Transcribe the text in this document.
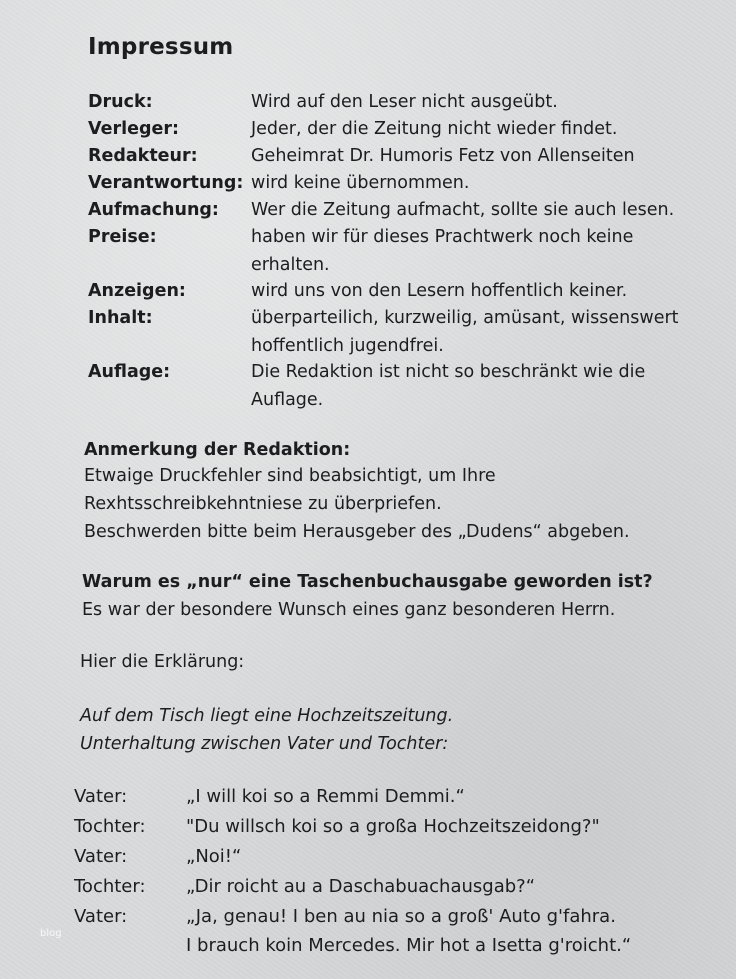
Impressum
Druck:	Wird auf den Leser nicht ausgeübt.
Verleger:	Jeder, der die Zeitung nicht wieder findet.
Redakteur:	Geheimrat Dr. Humoris Fetz von Allenseiten
Verantwortung: wird keine übernommen.
Aufmachung: Wer die Zeitung aufmacht, sollte sie auch lesen.
Preise:	haben wir für dieses Prachtwerk noch keine
erhalten.
Anzeigen:	wird uns von den Lesern hoffentlich keiner.
Inhalt:	überparteilich, kurzweilig, amüsant, wissenswert
hoffentlich jugendfrei.
Auflage:	Die Redaktion ist nicht so beschränkt wie die
Auflage.
Anmerkung der Redaktion:
Etwaige Druckfehler sind beabsichtigt, um Ihre
Rexhtsschreibkehntniese zu überpriefen.
Beschwerden bitte beim Herausgeber des „Dudens“ abgeben.
Warum es „nur“ eine Taschenbuchausgabe geworden ist?
Es war der besondere Wunsch eines ganz besonderen Herrn.
Hier die Erklärung:
Auf dem Tisch liegt eine Hochzeitszeitung.
Unterhaltung zwischen Vater und Tochter:
Vater:	„I will koi so a Remmi Demmi.“
Tochter: "Du willsch koi so a großa Hochzeitszeidong?"
Vater:	„Noi!“
Tochter: „Dir roicht au a Daschabuachausgab?“
Vater:	„Ja, genau! I ben au nia so a groß' Auto g'fahra.
I brauch koin Mercedes. Mir hot a Isetta g'roicht.“
blog
